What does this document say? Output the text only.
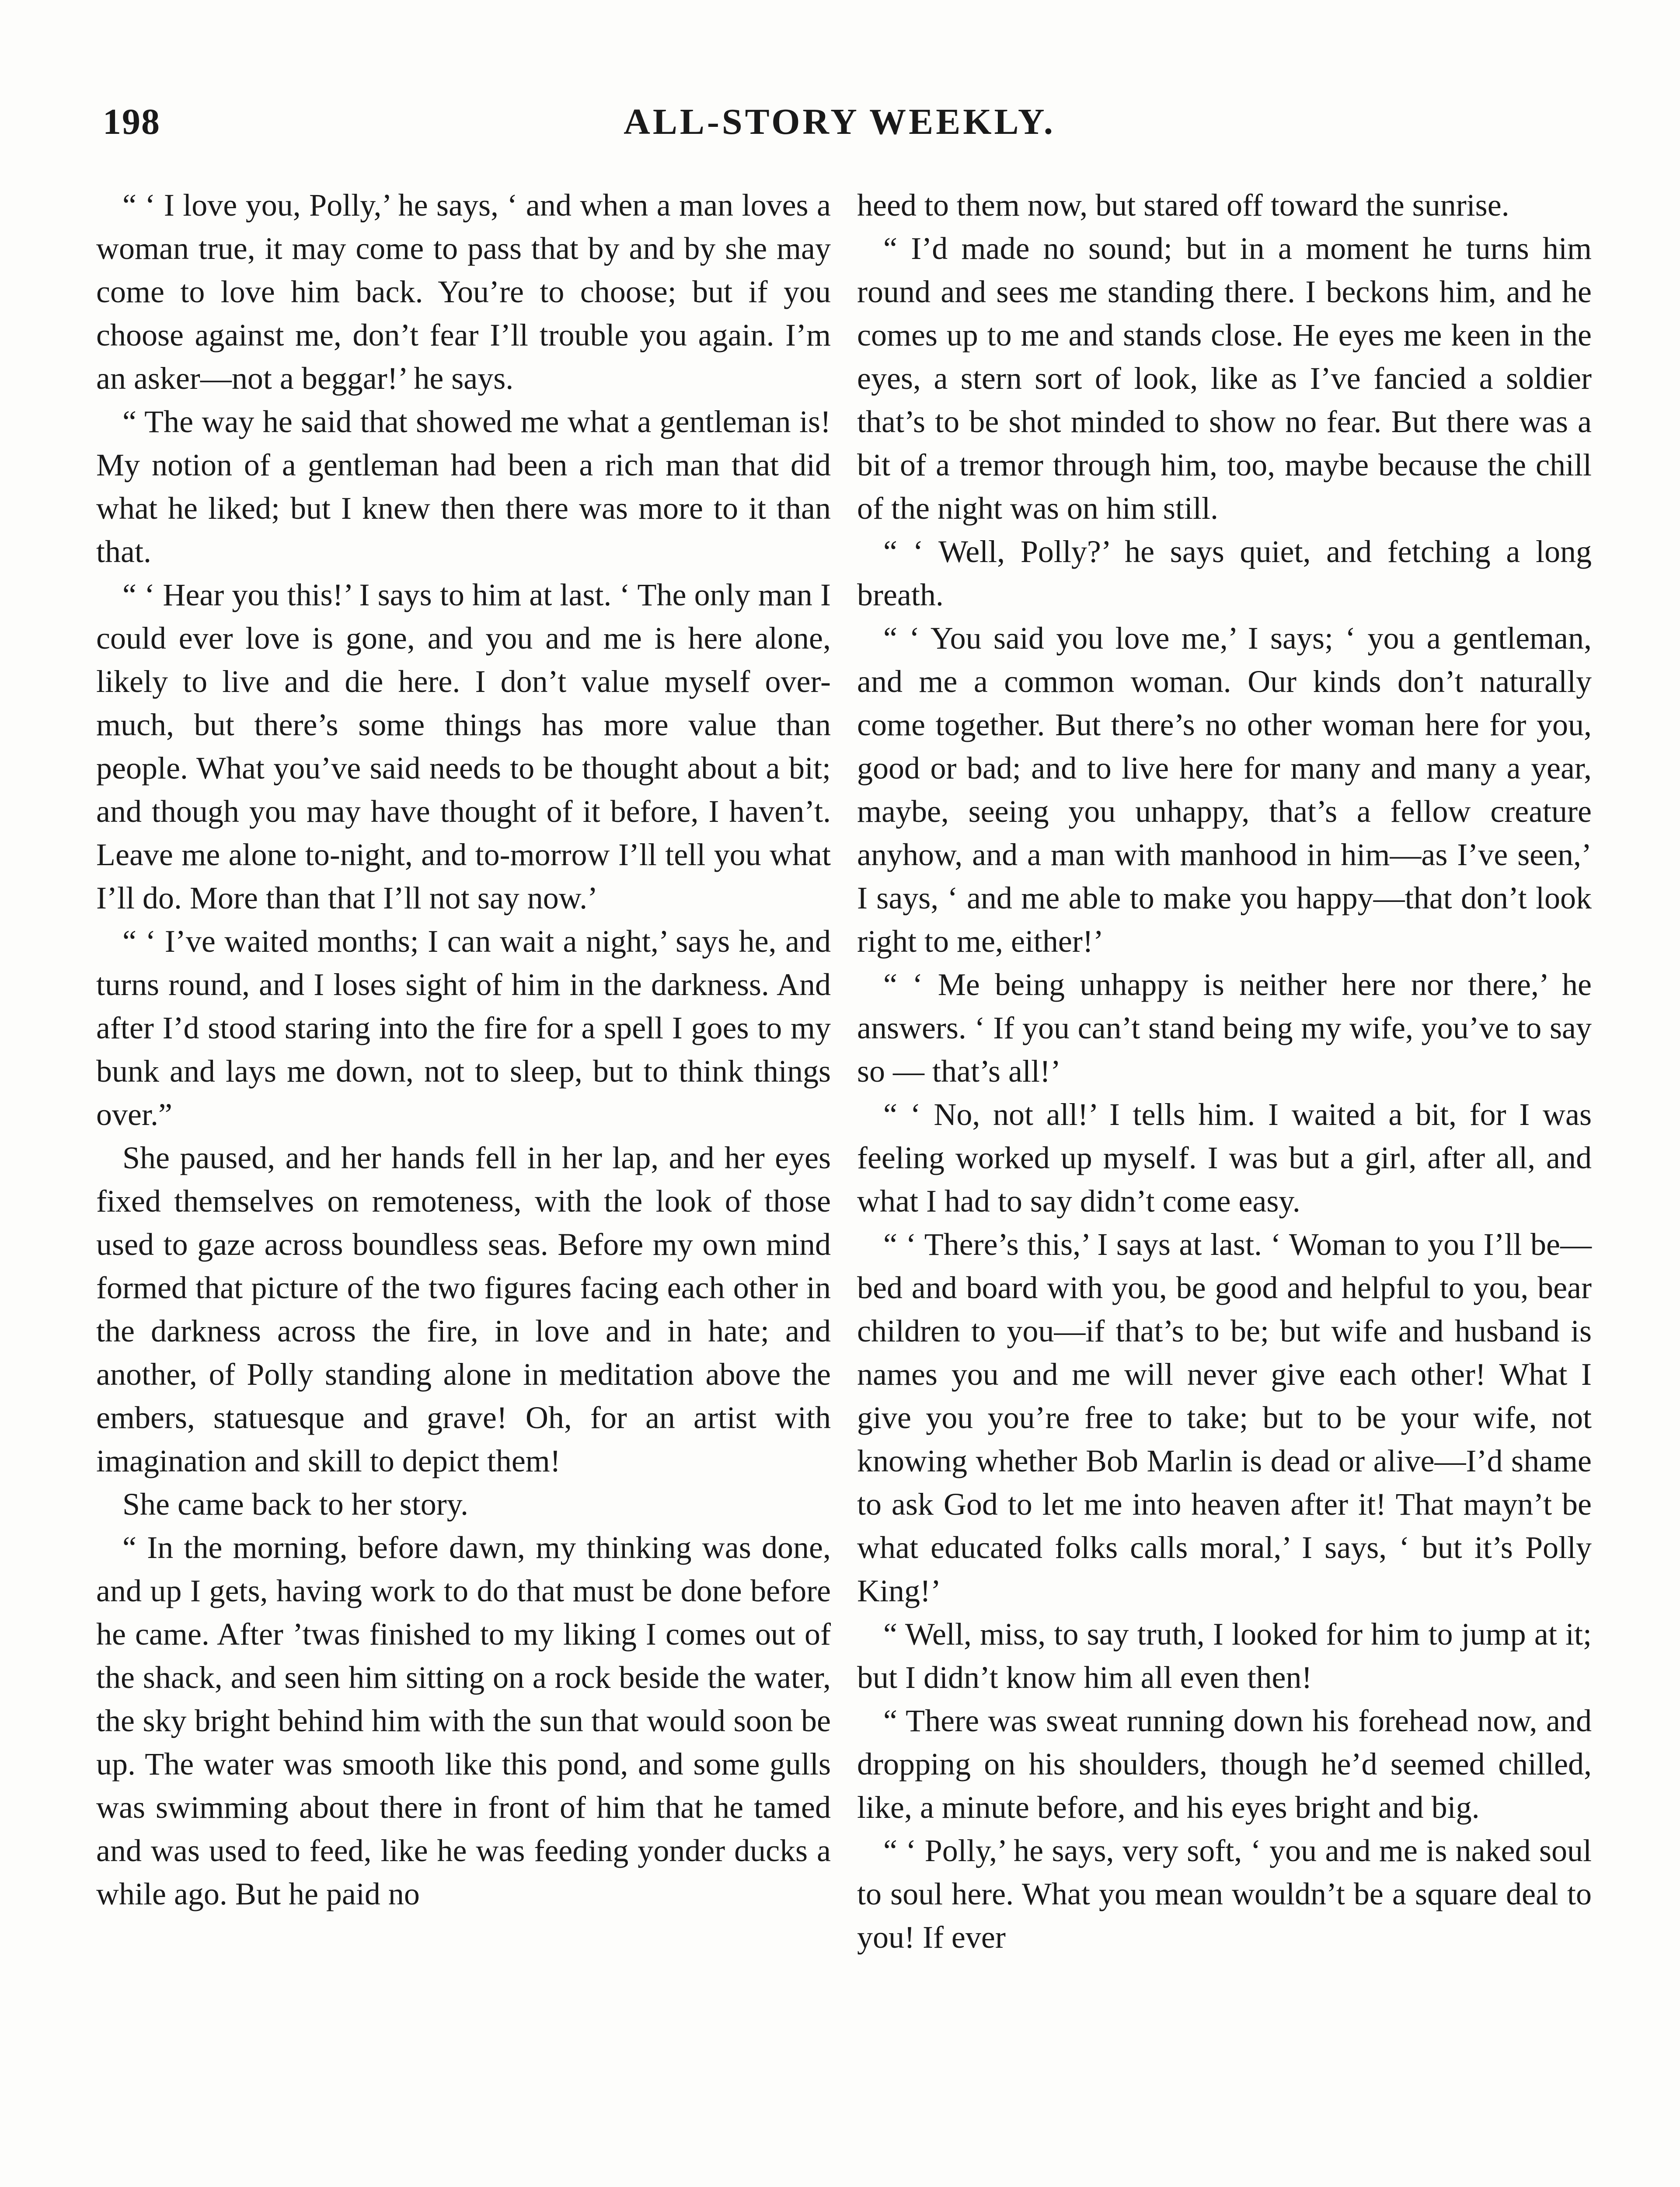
198	ALL-STORY WEEKLY.

“ ‘ I love you, Polly,’ he says, ‘ and when a man loves a woman true, it may come to pass that by and by she may come to love him back. You’re to choose; but if you choose against me, don’t fear I’ll trouble you again. I’m an asker—not a beggar!’ he says.

“ The way he said that showed me what a gentleman is! My notion of a gentleman had been a rich man that did what he liked; but I knew then there was more to it than that.

“ ‘ Hear you this!’ I says to him at last. ‘ The only man I could ever love is gone, and you and me is here alone, likely to live and die here. I don’t value myself over-much, but there’s some things has more value than people. What you’ve said needs to be thought about a bit; and though you may have thought of it before, I haven’t. Leave me alone to-night, and to-morrow I’ll tell you what I’ll do. More than that I’ll not say now.’

“ ‘ I’ve waited months; I can wait a night,’ says he, and turns round, and I loses sight of him in the darkness. And after I’d stood staring into the fire for a spell I goes to my bunk and lays me down, not to sleep, but to think things over.”

She paused, and her hands fell in her lap, and her eyes fixed themselves on remoteness, with the look of those used to gaze across boundless seas. Before my own mind formed that picture of the two figures facing each other in the darkness across the fire, in love and in hate; and another, of Polly standing alone in meditation above the embers, statuesque and grave! Oh, for an artist with imagination and skill to depict them!

She came back to her story.

“ In the morning, before dawn, my thinking was done, and up I gets, having work to do that must be done before he came. After ’twas finished to my liking I comes out of the shack, and seen him sitting on a rock beside the water, the sky bright behind him with the sun that would soon be up. The water was smooth like this pond, and some gulls was swimming about there in front of him that he tamed and was used to feed, like he was feeding yonder ducks a while ago. But he paid no

heed to them now, but stared off toward the sunrise.

“ I’d made no sound; but in a moment he turns him round and sees me standing there. I beckons him, and he comes up to me and stands close. He eyes me keen in the eyes, a stern sort of look, like as I’ve fancied a soldier that’s to be shot minded to show no fear. But there was a bit of a tremor through him, too, maybe because the chill of the night was on him still.

“ ‘ Well, Polly?’ he says quiet, and fetching a long breath.

“ ‘ You said you love me,’ I says; ‘ you a gentleman, and me a common woman. Our kinds don’t naturally come together. But there’s no other woman here for you, good or bad; and to live here for many and many a year, maybe, seeing you unhappy, that’s a fellow creature anyhow, and a man with manhood in him—as I’ve seen,’ I says, ‘ and me able to make you happy—that don’t look right to me, either!’

“ ‘ Me being unhappy is neither here nor there,’ he answers. ‘ If you can’t stand being my wife, you’ve to say so — that’s all!’

“ ‘ No, not all!’ I tells him. I waited a bit, for I was feeling worked up myself. I was but a girl, after all, and what I had to say didn’t come easy.

“ ‘ There’s this,’ I says at last. ‘ Woman to you I’ll be—bed and board with you, be good and helpful to you, bear children to you—if that’s to be; but wife and husband is names you and me will never give each other! What I give you you’re free to take; but to be your wife, not knowing whether Bob Marlin is dead or alive—I’d shame to ask God to let me into heaven after it! That mayn’t be what educated folks calls moral,’ I says, ‘ but it’s Polly King!’

“ Well, miss, to say truth, I looked for him to jump at it; but I didn’t know him all even then!

“ There was sweat running down his forehead now, and dropping on his shoulders, though he’d seemed chilled, like, a minute before, and his eyes bright and big.

“ ‘ Polly,’ he says, very soft, ‘ you and me is naked soul to soul here. What you mean wouldn’t be a square deal to you! If ever
